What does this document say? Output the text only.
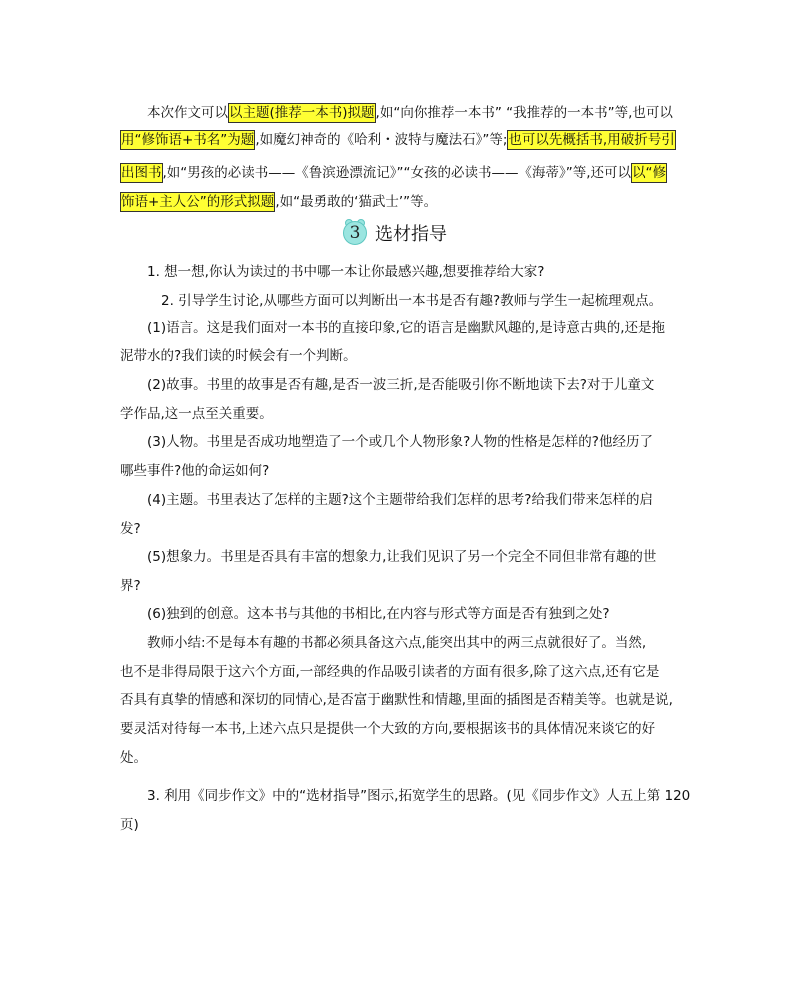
本次作文可以以主题(推荐一本书)拟题,如“向你推荐一本书” “我推荐的一本书”等,也可以
用“修饰语+书名”为题,如魔幻神奇的《哈利・波特与魔法石》”等;也可以先概括书,用破折号引
出图书,如“男孩的必读书——《鲁滨逊漂流记》”“女孩的必读书——《海蒂》”等,还可以以“修
饰语+主人公”的形式拟题,如“最勇敢的‘猫武士’”等。
3 选材指导
1. 想一想,你认为读过的书中哪一本让你最感兴趣,想要推荐给大家?
2. 引导学生讨论,从哪些方面可以判断出一本书是否有趣?教师与学生一起梳理观点。
(1)语言。这是我们面对一本书的直接印象,它的语言是幽默风趣的,是诗意古典的,还是拖
泥带水的?我们读的时候会有一个判断。
(2)故事。书里的故事是否有趣,是否一波三折,是否能吸引你不断地读下去?对于儿童文
学作品,这一点至关重要。
(3)人物。书里是否成功地塑造了一个或几个人物形象?人物的性格是怎样的?他经历了
哪些事件?他的命运如何?
(4)主题。书里表达了怎样的主题?这个主题带给我们怎样的思考?给我们带来怎样的启
发?
(5)想象力。书里是否具有丰富的想象力,让我们见识了另一个完全不同但非常有趣的世
界?
(6)独到的创意。这本书与其他的书相比,在内容与形式等方面是否有独到之处?
教师小结:不是每本有趣的书都必须具备这六点,能突出其中的两三点就很好了。当然,
也不是非得局限于这六个方面,一部经典的作品吸引读者的方面有很多,除了这六点,还有它是
否具有真挚的情感和深切的同情心,是否富于幽默性和情趣,里面的插图是否精美等。也就是说,
要灵活对待每一本书,上述六点只是提供一个大致的方向,要根据该书的具体情况来谈它的好
处。
3. 利用《同步作文》中的“选材指导”图示,拓宽学生的思路。(见《同步作文》人五上第 120
页)
